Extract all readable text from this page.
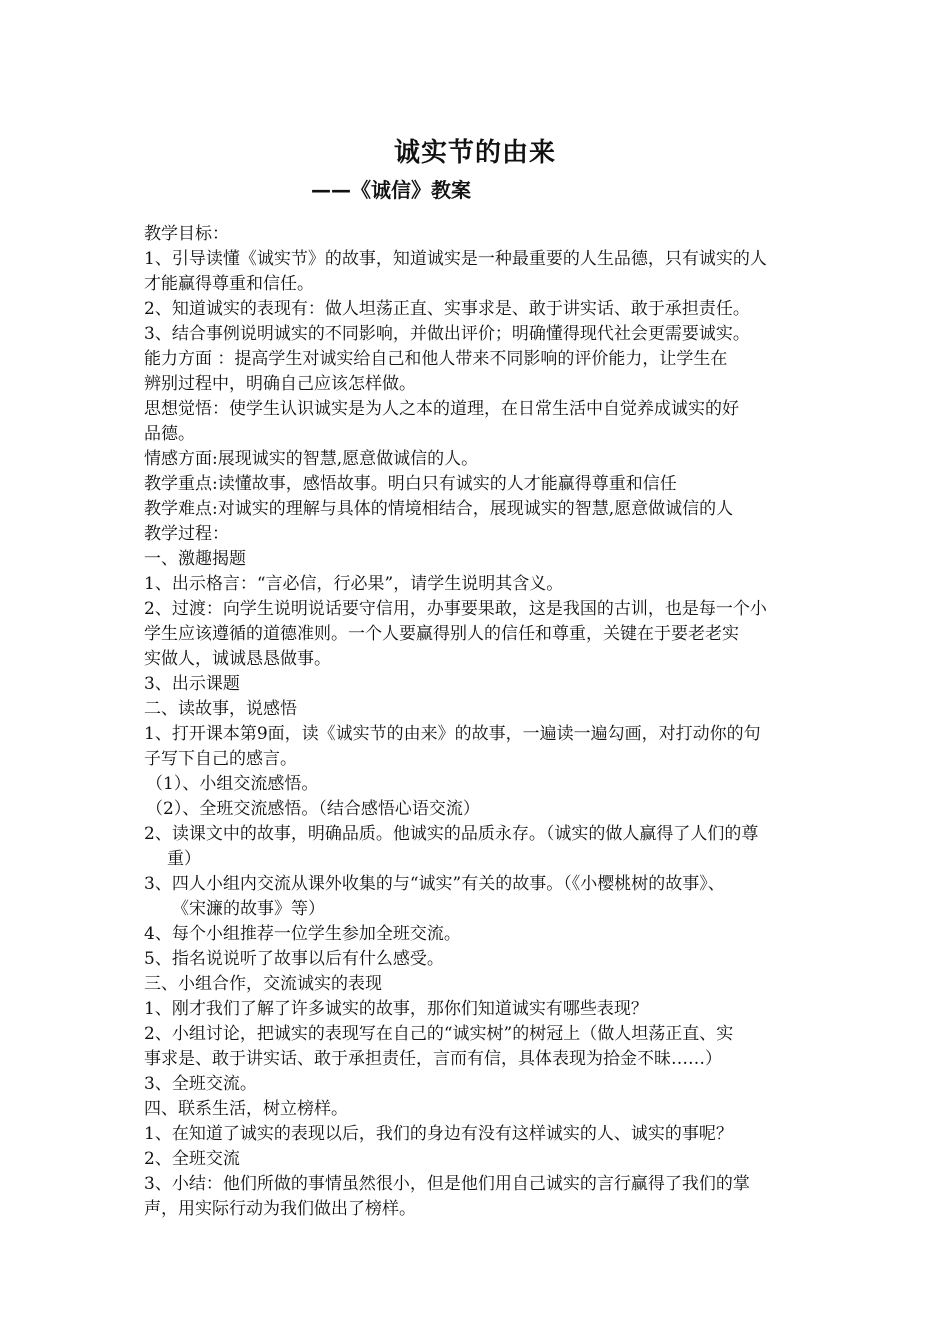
诚实节的由来
——《诚信》教案

教学目标：

1、引导读懂《诚实节》的故事，知道诚实是一种最重要的人生品德，只有诚实的人

才能赢得尊重和信任。

2、知道诚实的表现有：做人坦荡正直、实事求是、敢于讲实话、敢于承担责任。

3、结合事例说明诚实的不同影响，并做出评价；明确懂得现代社会更需要诚实。

能力方面 ：提高学生对诚实给自己和他人带来不同影响的评价能力，让学生在

辨别过程中，明确自己应该怎样做。

思想觉悟：使学生认识诚实是为人之本的道理，在日常生活中自觉养成诚实的好

品德。

情感方面:展现诚实的智慧,愿意做诚信的人。

教学重点:读懂故事，感悟故事。明白只有诚实的人才能赢得尊重和信任

教学难点:对诚实的理解与具体的情境相结合，展现诚实的智慧,愿意做诚信的人

教学过程：

一、激趣揭题

1、出示格言：“言必信，行必果”，请学生说明其含义。

2、过渡：向学生说明说话要守信用，办事要果敢，这是我国的古训，也是每一个小

学生应该遵循的道德准则。一个人要赢得别人的信任和尊重，关键在于要老老实

实做人，诚诚恳恳做事。

3、出示课题

二、读故事，说感悟

1、打开课本第9面，读《诚实节的由来》的故事，一遍读一遍勾画，对打动你的句

子写下自己的感言。

（1）、小组交流感悟。

（2）、全班交流感悟。（结合感悟心语交流）

2、读课文中的故事，明确品质。他诚实的品质永存。（诚实的做人赢得了人们的尊

重）

3、四人小组内交流从课外收集的与“诚实”有关的故事。（《小樱桃树的故事》、

《宋濂的故事》等）

4、每个小组推荐一位学生参加全班交流。

5、指名说说听了故事以后有什么感受。

三、小组合作，交流诚实的表现

1、刚才我们了解了许多诚实的故事，那你们知道诚实有哪些表现？

2、小组讨论，把诚实的表现写在自己的“诚实树”的树冠上（做人坦荡正直、实

事求是、敢于讲实话、敢于承担责任，言而有信，具体表现为拾金不昧……）

3、全班交流。

四、联系生活，树立榜样。

1、在知道了诚实的表现以后，我们的身边有没有这样诚实的人、诚实的事呢？

2、全班交流

3、小结：他们所做的事情虽然很小，但是他们用自己诚实的言行赢得了我们的掌

声，用实际行动为我们做出了榜样。
